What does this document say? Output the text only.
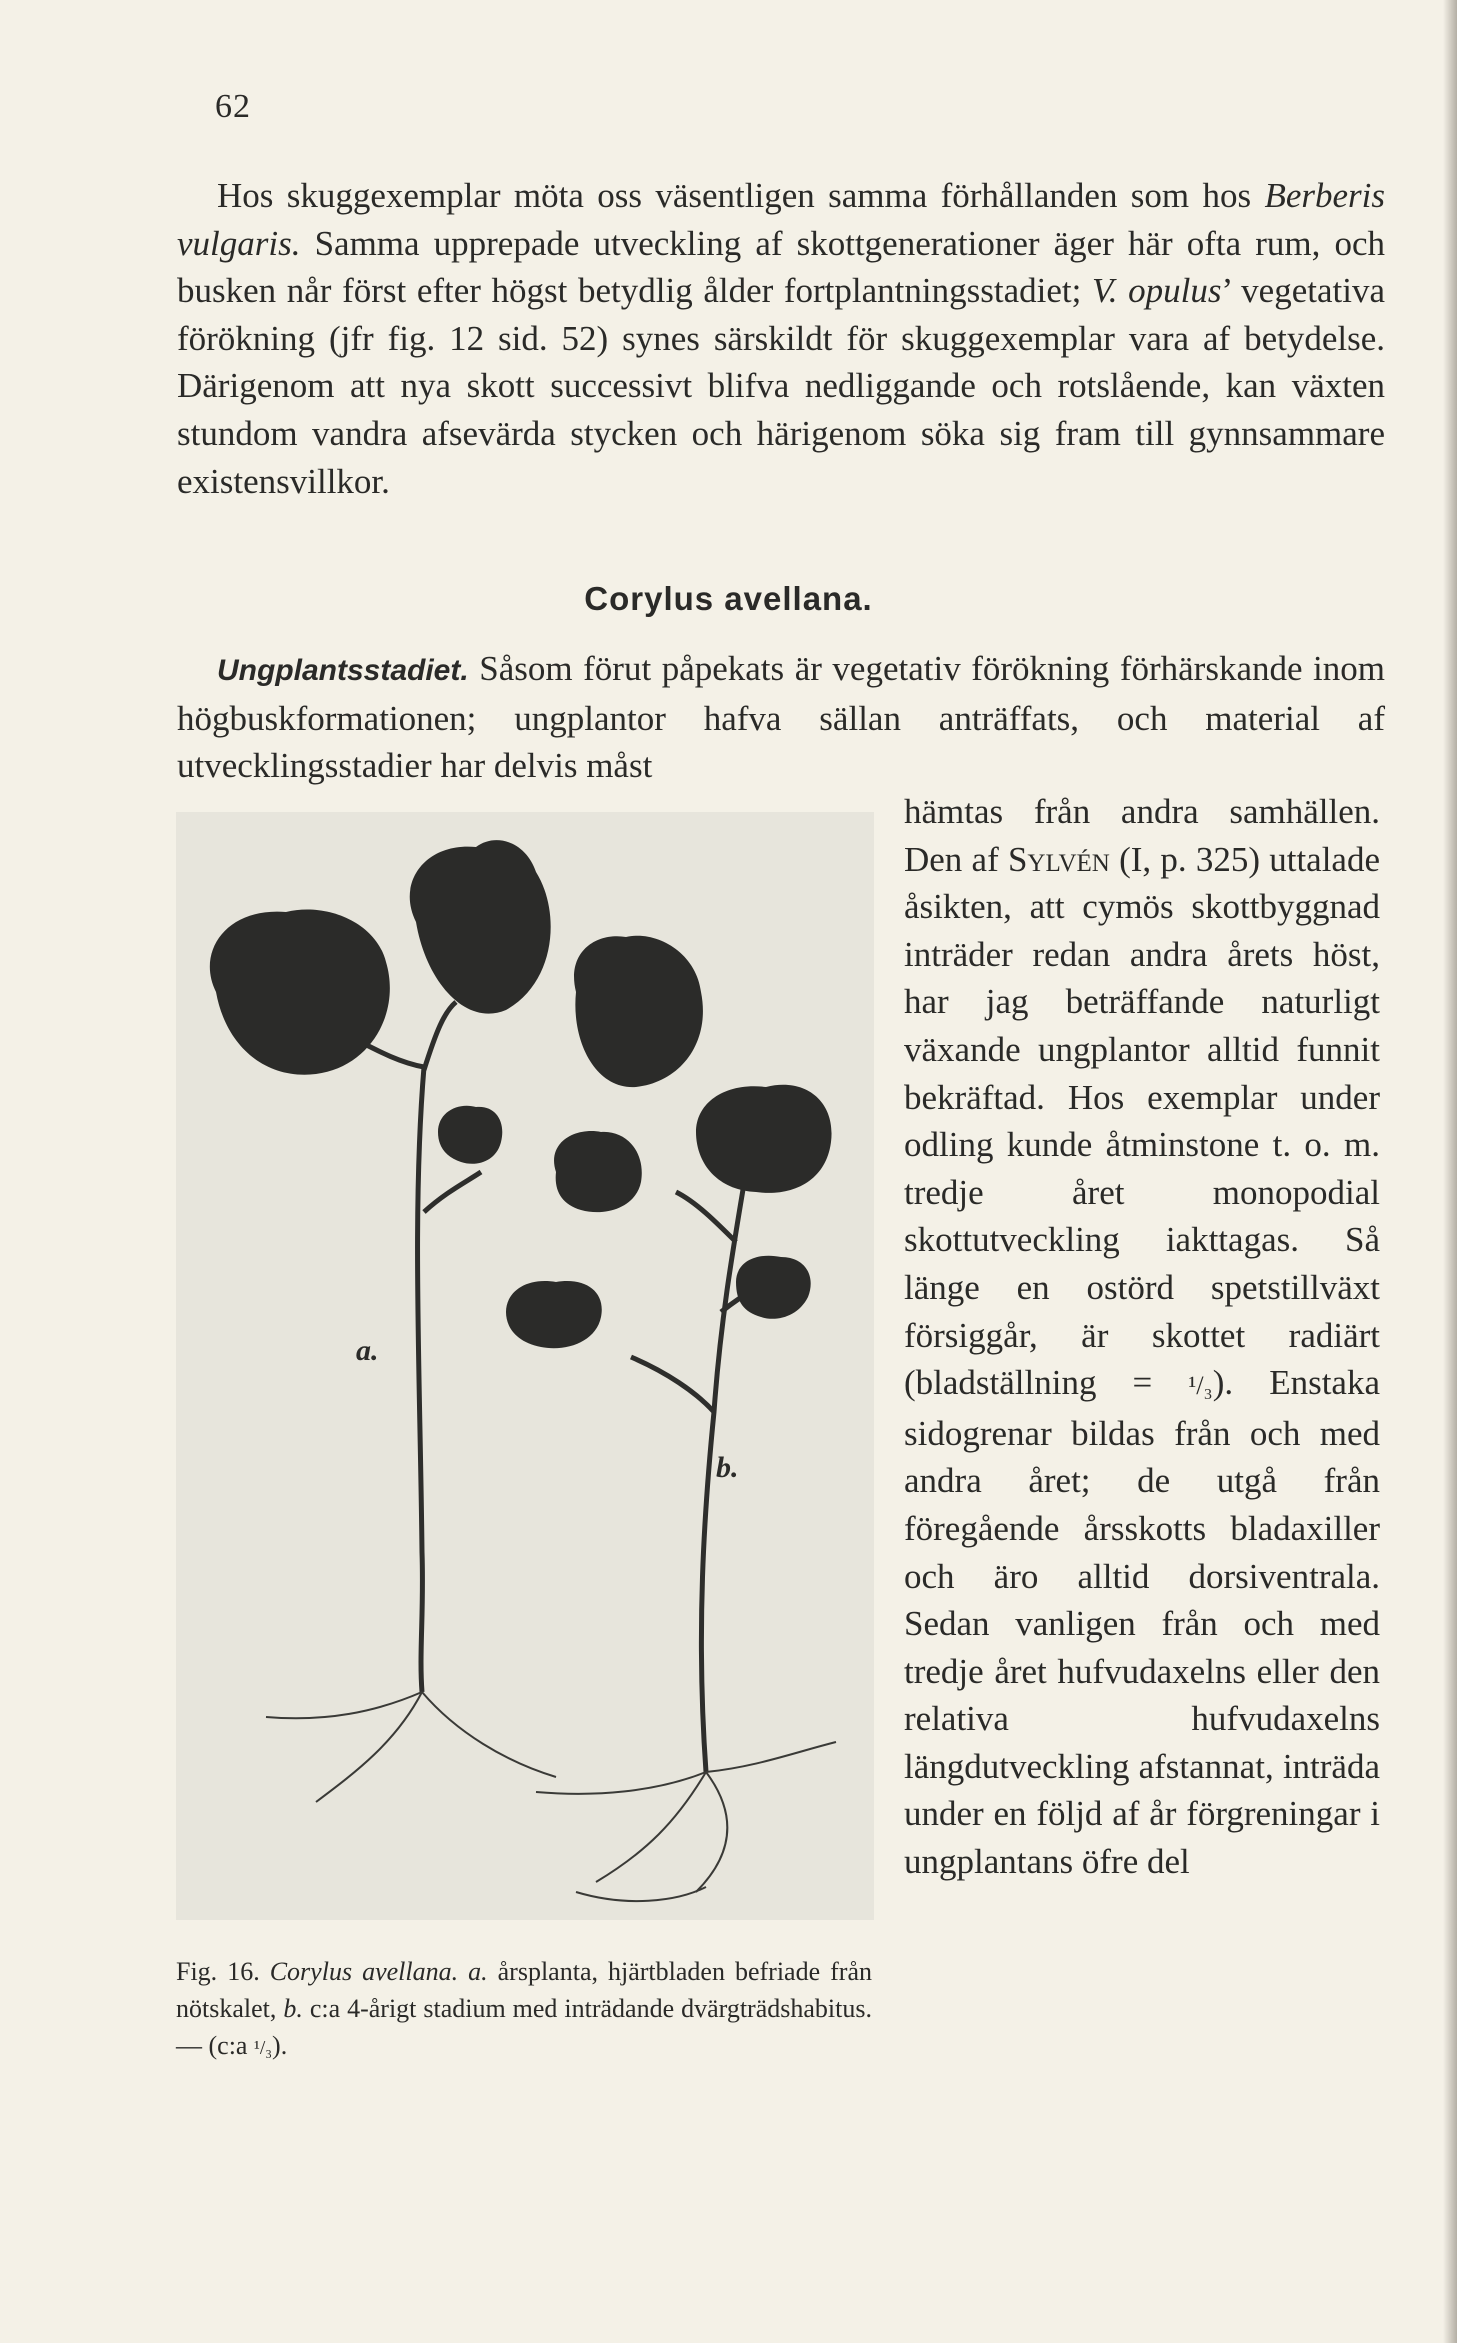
62

Hos skuggexemplar möta oss väsentligen samma förhållanden som hos Berberis vulgaris. Samma upprepade utveckling af skottgenerationer äger här ofta rum, och busken når först efter högst betydlig ålder fortplantningsstadiet; V. opulus’ vegetativa förökning (jfr fig. 12 sid. 52) synes särskildt för skuggexemplar vara af betydelse. Därigenom att nya skott successivt blifva nedliggande och rotslående, kan växten stundom vandra afsevärda stycken och härigenom söka sig fram till gynnsammare existensvillkor.

Corylus avellana.

Ungplantsstadiet. Såsom förut påpekats är vegetativ förökning förhärskande inom högbuskformationen; ungplantor hafva sällan anträffats, och material af utvecklingsstadier har delvis måst

hämtas från andra samhällen. Den af Sylvén (I, p. 325) uttalade åsikten, att cymös skottbyggnad inträder redan andra årets höst, har jag beträffande naturligt växande ungplantor alltid funnit bekräftad. Hos exemplar under odling kunde åtminstone t. o. m. tredje året monopodial skottutveckling iakttagas. Så länge en ostörd spetstillväxt försiggår, är skottet radiärt (bladställning = ¹/₃). Enstaka sidogrenar bildas från och med andra året; de utgå från föregående årsskotts bladaxiller och äro alltid dorsiventrala. Sedan vanligen från och med tredje året hufvudaxelns eller den relativa hufvudaxelns längdutveckling afstannat, inträda under en följd af år förgreningar i ungplantans öfre del

a.
b.

Fig. 16. Corylus avellana. a. årsplanta, hjärtbladen befriade från nötskalet, b. c:a 4-årigt stadium med inträdande dvärgträdshabitus. — (c:a ¹/₃).
